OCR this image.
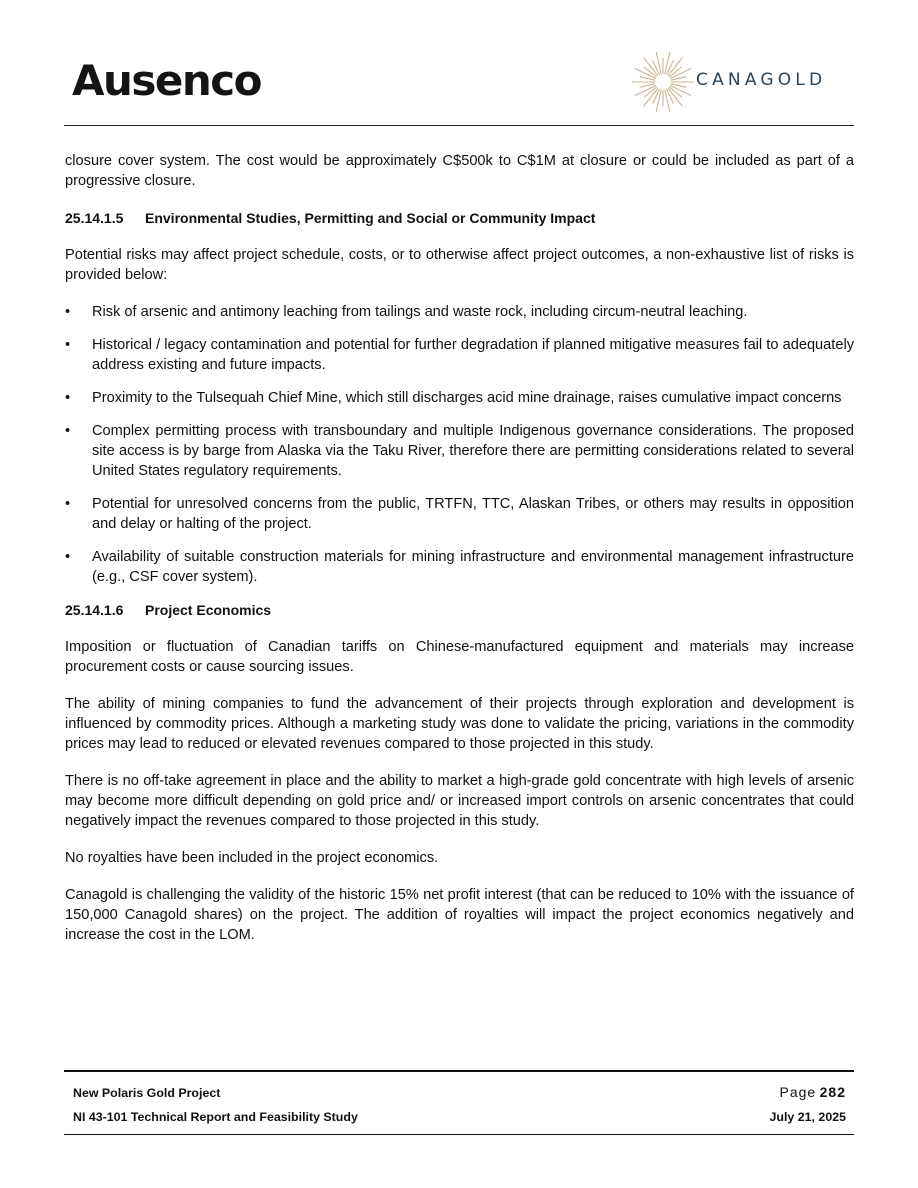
Ausenco	CANAGOLD

closure cover system. The cost would be approximately C$500k to C$1M at closure or could be included as part of a progressive closure.

25.14.1.5	Environmental Studies, Permitting and Social or Community Impact

Potential risks may affect project schedule, costs, or to otherwise affect project outcomes, a non-exhaustive list of risks is provided below:

•	Risk of arsenic and antimony leaching from tailings and waste rock, including circum-neutral leaching.
•	Historical / legacy contamination and potential for further degradation if planned mitigative measures fail to adequately address existing and future impacts.
•	Proximity to the Tulsequah Chief Mine, which still discharges acid mine drainage, raises cumulative impact concerns
•	Complex permitting process with transboundary and multiple Indigenous governance considerations. The proposed site access is by barge from Alaska via the Taku River, therefore there are permitting considerations related to several United States regulatory requirements.
•	Potential for unresolved concerns from the public, TRTFN, TTC, Alaskan Tribes, or others may results in opposition and delay or halting of the project.
•	Availability of suitable construction materials for mining infrastructure and environmental management infrastructure (e.g., CSF cover system).
25.14.1.6	Project Economics

Imposition or fluctuation of Canadian tariffs on Chinese-manufactured equipment and materials may increase procurement costs or cause sourcing issues.

The ability of mining companies to fund the advancement of their projects through exploration and development is influenced by commodity prices. Although a marketing study was done to validate the pricing, variations in the commodity prices may lead to reduced or elevated revenues compared to those projected in this study.

There is no off-take agreement in place and the ability to market a high-grade gold concentrate with high levels of arsenic may become more difficult depending on gold price and/ or increased import controls on arsenic concentrates that could negatively impact the revenues compared to those projected in this study.

No royalties have been included in the project economics.

Canagold is challenging the validity of the historic 15% net profit interest (that can be reduced to 10% with the issuance of 150,000 Canagold shares) on the project. The addition of royalties will impact the project economics negatively and increase the cost in the LOM.

New Polaris Gold Project
NI 43-101 Technical Report and Feasibility Study
Page 282
July 21, 2025
